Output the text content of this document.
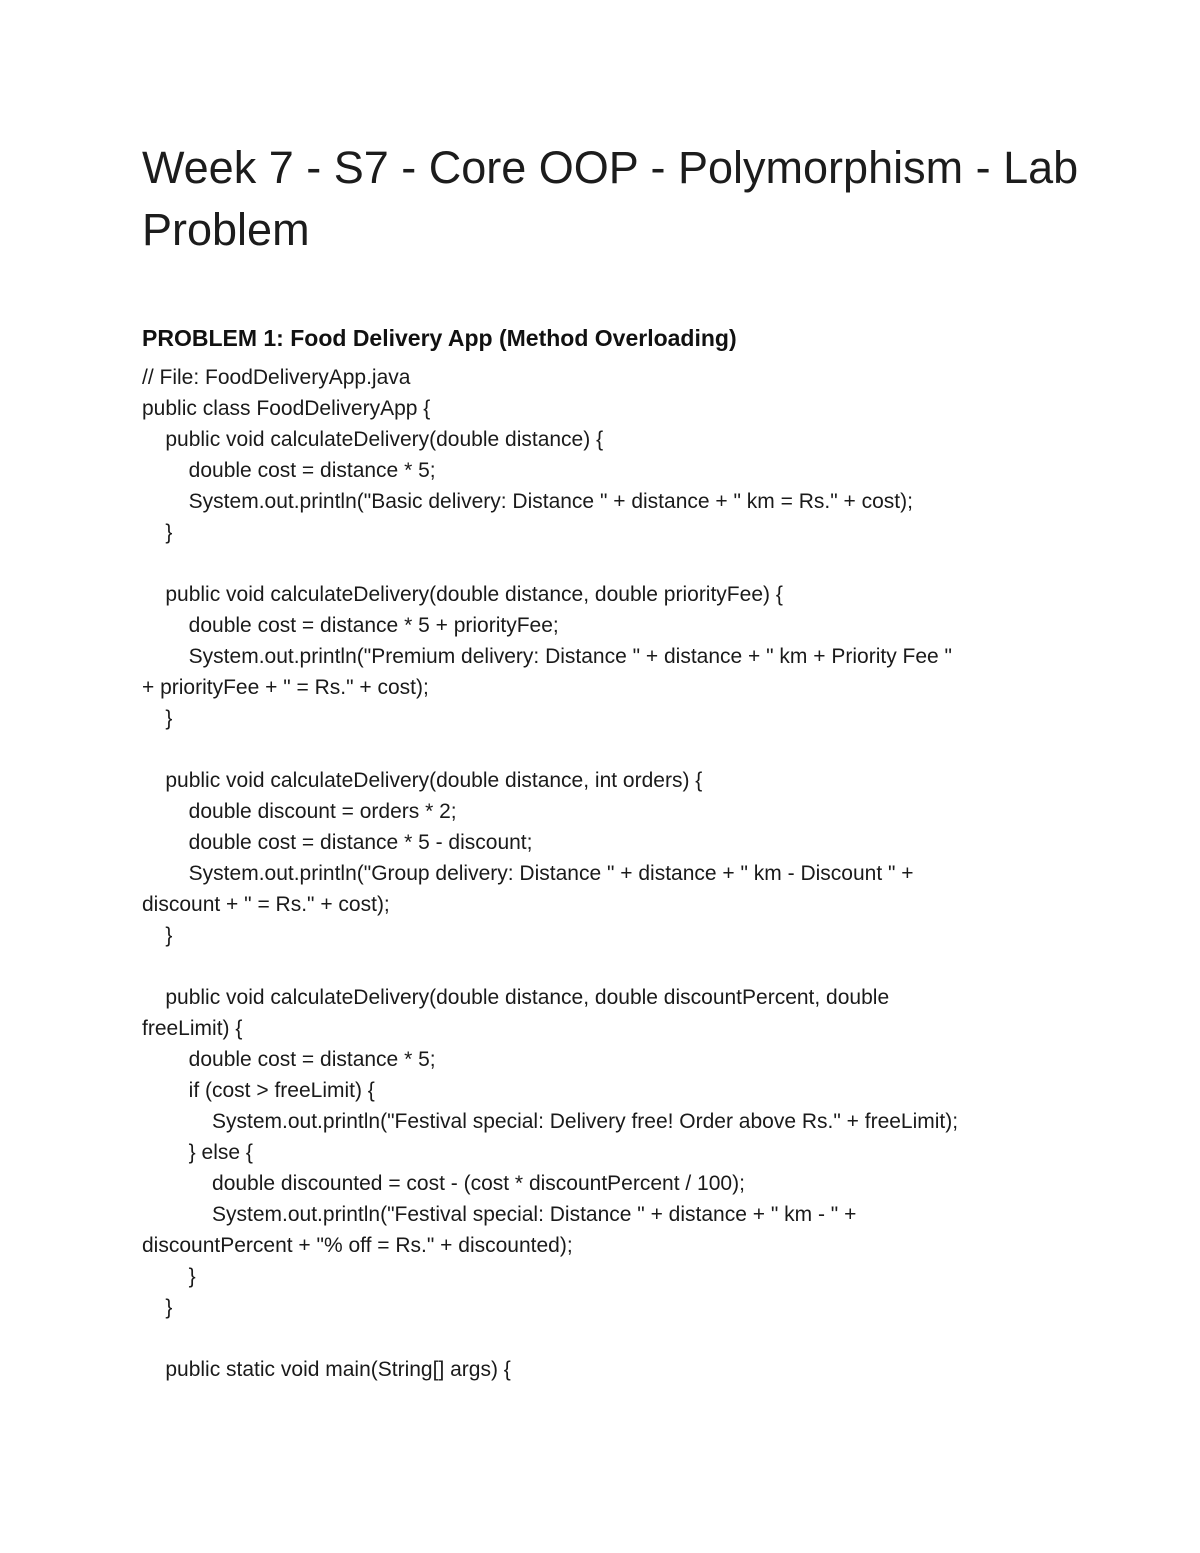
Week 7 - S7 - Core OOP - Polymorphism - Lab Problem
PROBLEM 1: Food Delivery App (Method Overloading)
// File: FoodDeliveryApp.java
public class FoodDeliveryApp {
public void calculateDelivery(double distance) {
double cost = distance * 5;
System.out.println("Basic delivery: Distance " + distance + " km = Rs." + cost);
}
public void calculateDelivery(double distance, double priorityFee) {
double cost = distance * 5 + priorityFee;
System.out.println("Premium delivery: Distance " + distance + " km + Priority Fee "
+ priorityFee + " = Rs." + cost);
}
public void calculateDelivery(double distance, int orders) {
double discount = orders * 2;
double cost = distance * 5 - discount;
System.out.println("Group delivery: Distance " + distance + " km - Discount " +
discount + " = Rs." + cost);
}
public void calculateDelivery(double distance, double discountPercent, double
freeLimit) {
double cost = distance * 5;
if (cost > freeLimit) {
System.out.println("Festival special: Delivery free! Order above Rs." + freeLimit);
} else {
double discounted = cost - (cost * discountPercent / 100);
System.out.println("Festival special: Distance " + distance + " km - " +
discountPercent + "% off = Rs." + discounted);
}
}
public static void main(String[] args) {
